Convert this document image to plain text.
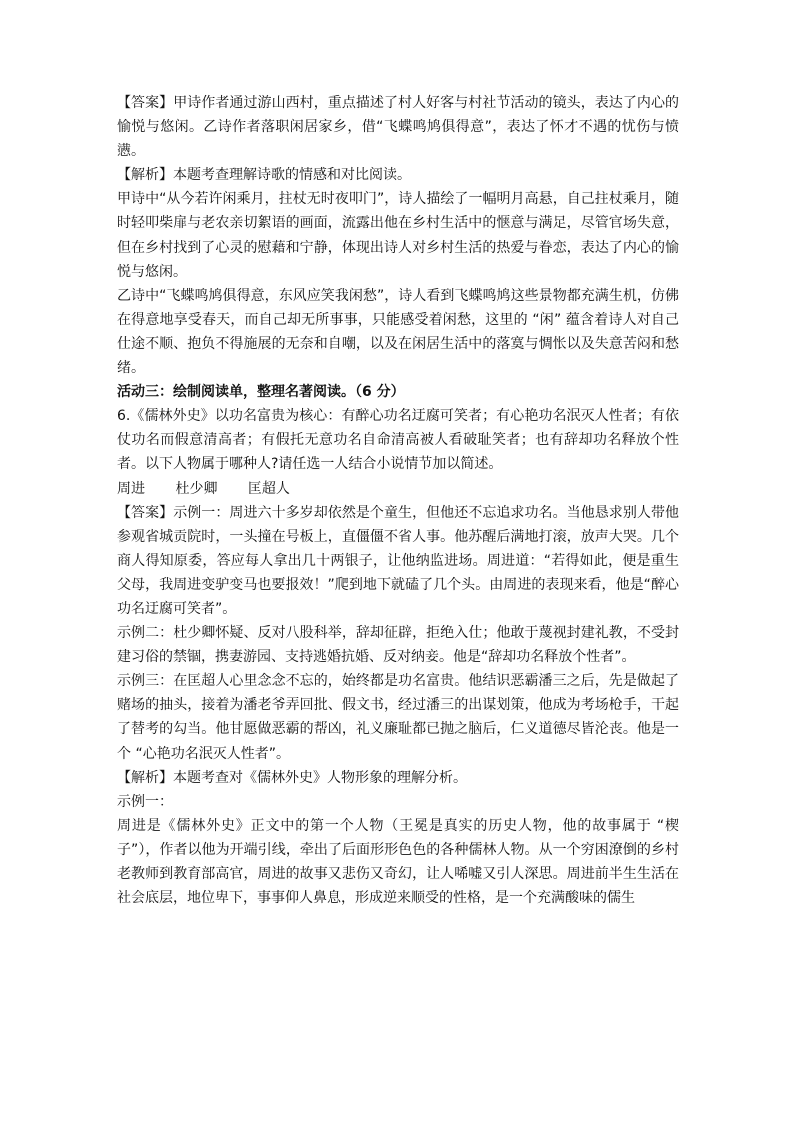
【答案】甲诗作者通过游山西村，重点描述了村人好客与村社节活动的镜头，表达了内心的愉悦与悠闲。乙诗作者落职闲居家乡，借“飞蝶鸣鸠俱得意”，表达了怀才不遇的忧伤与愤懑。

【解析】本题考查理解诗歌的情感和对比阅读。

甲诗中“从今若许闲乘月，拄杖无时夜叩门”，诗人描绘了一幅明月高悬，自己拄杖乘月，随时轻叩柴扉与老农亲切絮语的画面，流露出他在乡村生活中的惬意与满足，尽管官场失意，但在乡村找到了心灵的慰藉和宁静，体现出诗人对乡村生活的热爱与眷恋，表达了内心的愉悦与悠闲。

乙诗中“飞蝶鸣鸠俱得意，东风应笑我闲愁”，诗人看到飞蝶鸣鸠这些景物都充满生机，仿佛在得意地享受春天，而自己却无所事事，只能感受着闲愁，这里的 “闲” 蕴含着诗人对自己仕途不顺、抱负不得施展的无奈和自嘲，以及在闲居生活中的落寞与惆怅以及失意苦闷和愁绪。

活动三：绘制阅读单，整理名著阅读。（6 分）

6.《儒林外史》以功名富贵为核心：有醉心功名迂腐可笑者；有心艳功名泯灭人性者；有依仗功名而假意清高者；有假托无意功名自命清高被人看破耻笑者；也有辞却功名释放个性者。以下人物属于哪种人?请任选一人结合小说情节加以简述。

周进 杜少卿 匡超人

【答案】示例一：周进六十多岁却依然是个童生，但他还不忘追求功名。当他恳求别人带他参观省城贡院时，一头撞在号板上，直僵僵不省人事。他苏醒后满地打滚，放声大哭。几个商人得知原委，答应每人拿出几十两银子，让他纳监进场。周进道：“若得如此，便是重生父母，我周进变驴变马也要报效！”爬到地下就磕了几个头。由周进的表现来看，他是“醉心功名迂腐可笑者”。

示例二：杜少卿怀疑、反对八股科举，辞却征辟，拒绝入仕；他敢于蔑视封建礼教，不受封建习俗的禁锢，携妻游园、支持逃婚抗婚、反对纳妾。他是“辞却功名释放个性者”。

示例三：在匡超人心里念念不忘的，始终都是功名富贵。他结识恶霸潘三之后，先是做起了赌场的抽头，接着为潘老爷弄回批、假文书，经过潘三的出谋划策，他成为考场枪手，干起了替考的勾当。他甘愿做恶霸的帮凶，礼义廉耻都已抛之脑后，仁义道德尽皆沦丧。他是一个 “心艳功名泯灭人性者”。

【解析】本题考查对《儒林外史》人物形象的理解分析。

示例一：

周进是《儒林外史》正文中的第一个人物（王冕是真实的历史人物，他的故事属于 “楔子”），作者以他为开端引线，牵出了后面形形色色的各种儒林人物。从一个穷困潦倒的乡村老教师到教育部高官，周进的故事又悲伤又奇幻，让人唏嘘又引人深思。周进前半生生活在社会底层，地位卑下，事事仰人鼻息，形成逆来顺受的性格，是一个充满酸味的儒生
